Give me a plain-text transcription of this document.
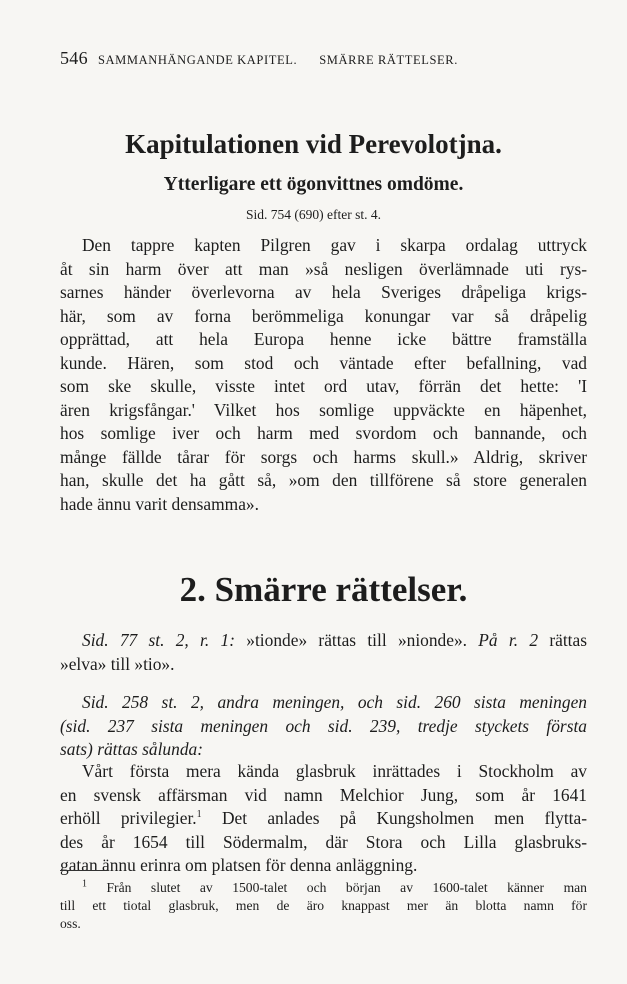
546 SAMMANHÄNGANDE KAPITEL. SMÄRRE RÄTTELSER.
Kapitulationen vid Perevolotjna.
Ytterligare ett ögonvittnes omdöme.
Sid. 754 (690) efter st. 4.
Den tappre kapten Pilgren gav i skarpa ordalag uttryck
åt sin harm över att man »så nesligen överlämnade uti rys-
sarnes händer överlevorna av hela Sveriges dråpeliga krigs-
här, som av forna berömmeliga konungar var så dråpelig
opprättad, att hela Europa henne icke bättre framställa
kunde. Hären, som stod och väntade efter befallning, vad
som ske skulle, visste intet ord utav, förrän det hette: 'I
ären krigsfångar.' Vilket hos somlige uppväckte en häpenhet,
hos somlige iver och harm med svordom och bannande, och
månge fällde tårar för sorgs och harms skull.» Aldrig, skriver
han, skulle det ha gått så, »om den tillförene så store generalen
hade ännu varit densamma».
2. Smärre rättelser.
Sid. 77 st. 2, r. 1: »tionde» rättas till »nionde». På r. 2 rättas
»elva» till »tio».
Sid. 258 st. 2, andra meningen, och sid. 260 sista meningen
(sid. 237 sista meningen och sid. 239, tredje styckets första
sats) rättas sålunda:
Vårt första mera kända glasbruk inrättades i Stockholm av
en svensk affärsman vid namn Melchior Jung, som år 1641
erhöll privilegier.$^1$ Det anlades på Kungsholmen men flytta-
des år 1654 till Södermalm, där Stora och Lilla glasbruks-
gatan ännu erinra om platsen för denna anläggning.
$^1$ Från slutet av 1500-talet och början av 1600-talet känner man
till ett tiotal glasbruk, men de äro knappast mer än blotta namn för
oss.
